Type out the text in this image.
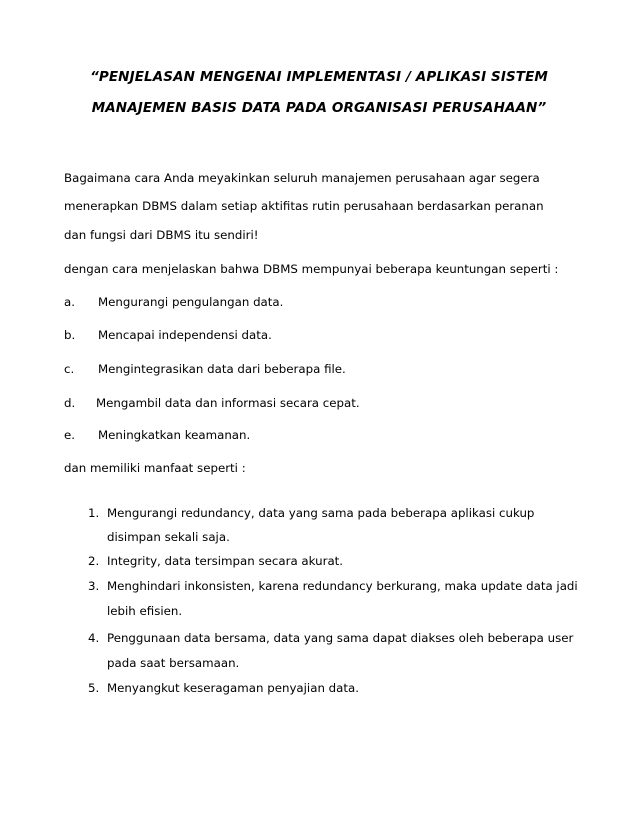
“PENJELASAN MENGENAI IMPLEMENTASI / APLIKASI SISTEM
MANAJEMEN BASIS DATA PADA ORGANISASI PERUSAHAAN”
Bagaimana cara Anda meyakinkan seluruh manajemen perusahaan agar segera
menerapkan DBMS dalam setiap aktifitas rutin perusahaan berdasarkan peranan
dan fungsi dari DBMS itu sendiri!
dengan cara menjelaskan bahwa DBMS mempunyai beberapa keuntungan seperti :
a. Mengurangi pengulangan data.
b. Mencapai independensi data.
c. Mengintegrasikan data dari beberapa file.
d. Mengambil data dan informasi secara cepat.
e. Meningkatkan keamanan.
dan memiliki manfaat seperti :
1. Mengurangi redundancy, data yang sama pada beberapa aplikasi cukup
disimpan sekali saja.
2. Integrity, data tersimpan secara akurat.
3. Menghindari inkonsisten, karena redundancy berkurang, maka update data jadi
lebih efisien.
4. Penggunaan data bersama, data yang sama dapat diakses oleh beberapa user
pada saat bersamaan.
5. Menyangkut keseragaman penyajian data.
